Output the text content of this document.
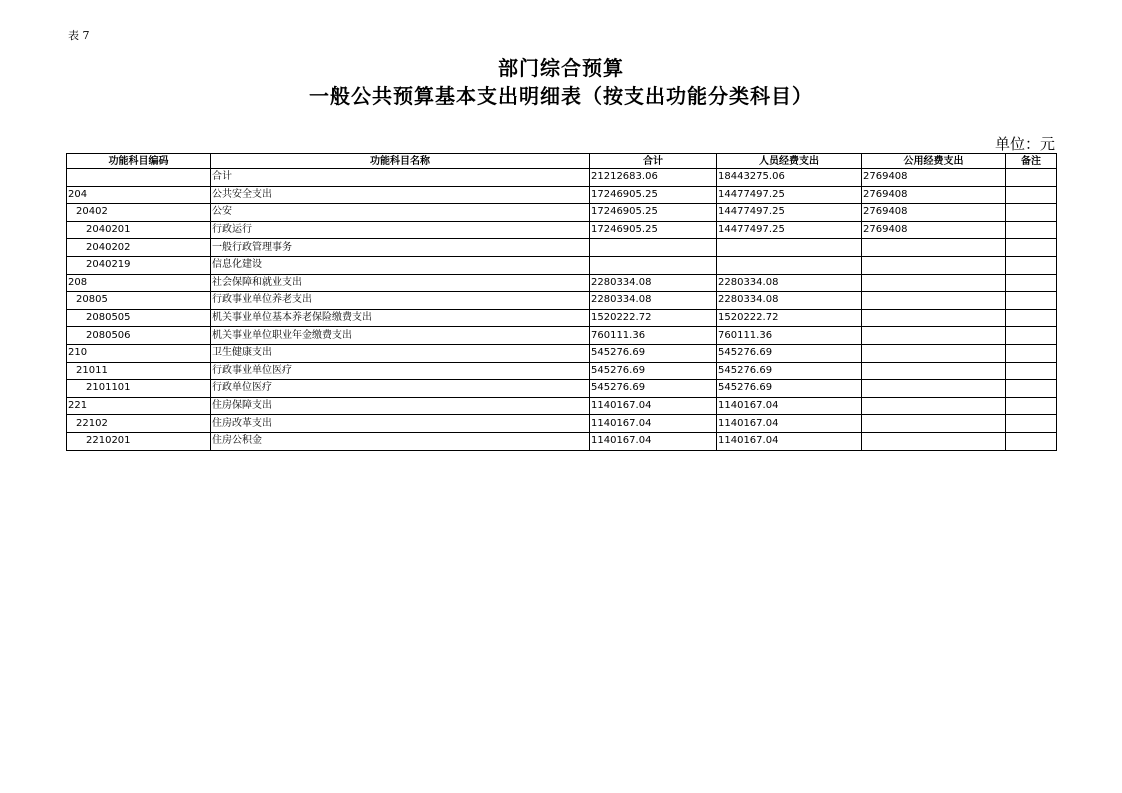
表 7
部门综合预算
一般公共预算基本支出明细表（按支出功能分类科目）
单位：元
功能科目编码	功能科目名称	合计	人员经费支出	公用经费支出	备注
	合计	21212683.06	18443275.06	2769408	
204	公共安全支出	17246905.25	14477497.25	2769408	
20402	公安	17246905.25	14477497.25	2769408	
2040201	行政运行	17246905.25	14477497.25	2769408	
2040202	一般行政管理事务				
2040219	信息化建设				
208	社会保障和就业支出	2280334.08	2280334.08		
20805	行政事业单位养老支出	2280334.08	2280334.08		
2080505	机关事业单位基本养老保险缴费支出	1520222.72	1520222.72		
2080506	机关事业单位职业年金缴费支出	760111.36	760111.36		
210	卫生健康支出	545276.69	545276.69		
21011	行政事业单位医疗	545276.69	545276.69		
2101101	行政单位医疗	545276.69	545276.69		
221	住房保障支出	1140167.04	1140167.04		
22102	住房改革支出	1140167.04	1140167.04		
2210201	住房公积金	1140167.04	1140167.04		
